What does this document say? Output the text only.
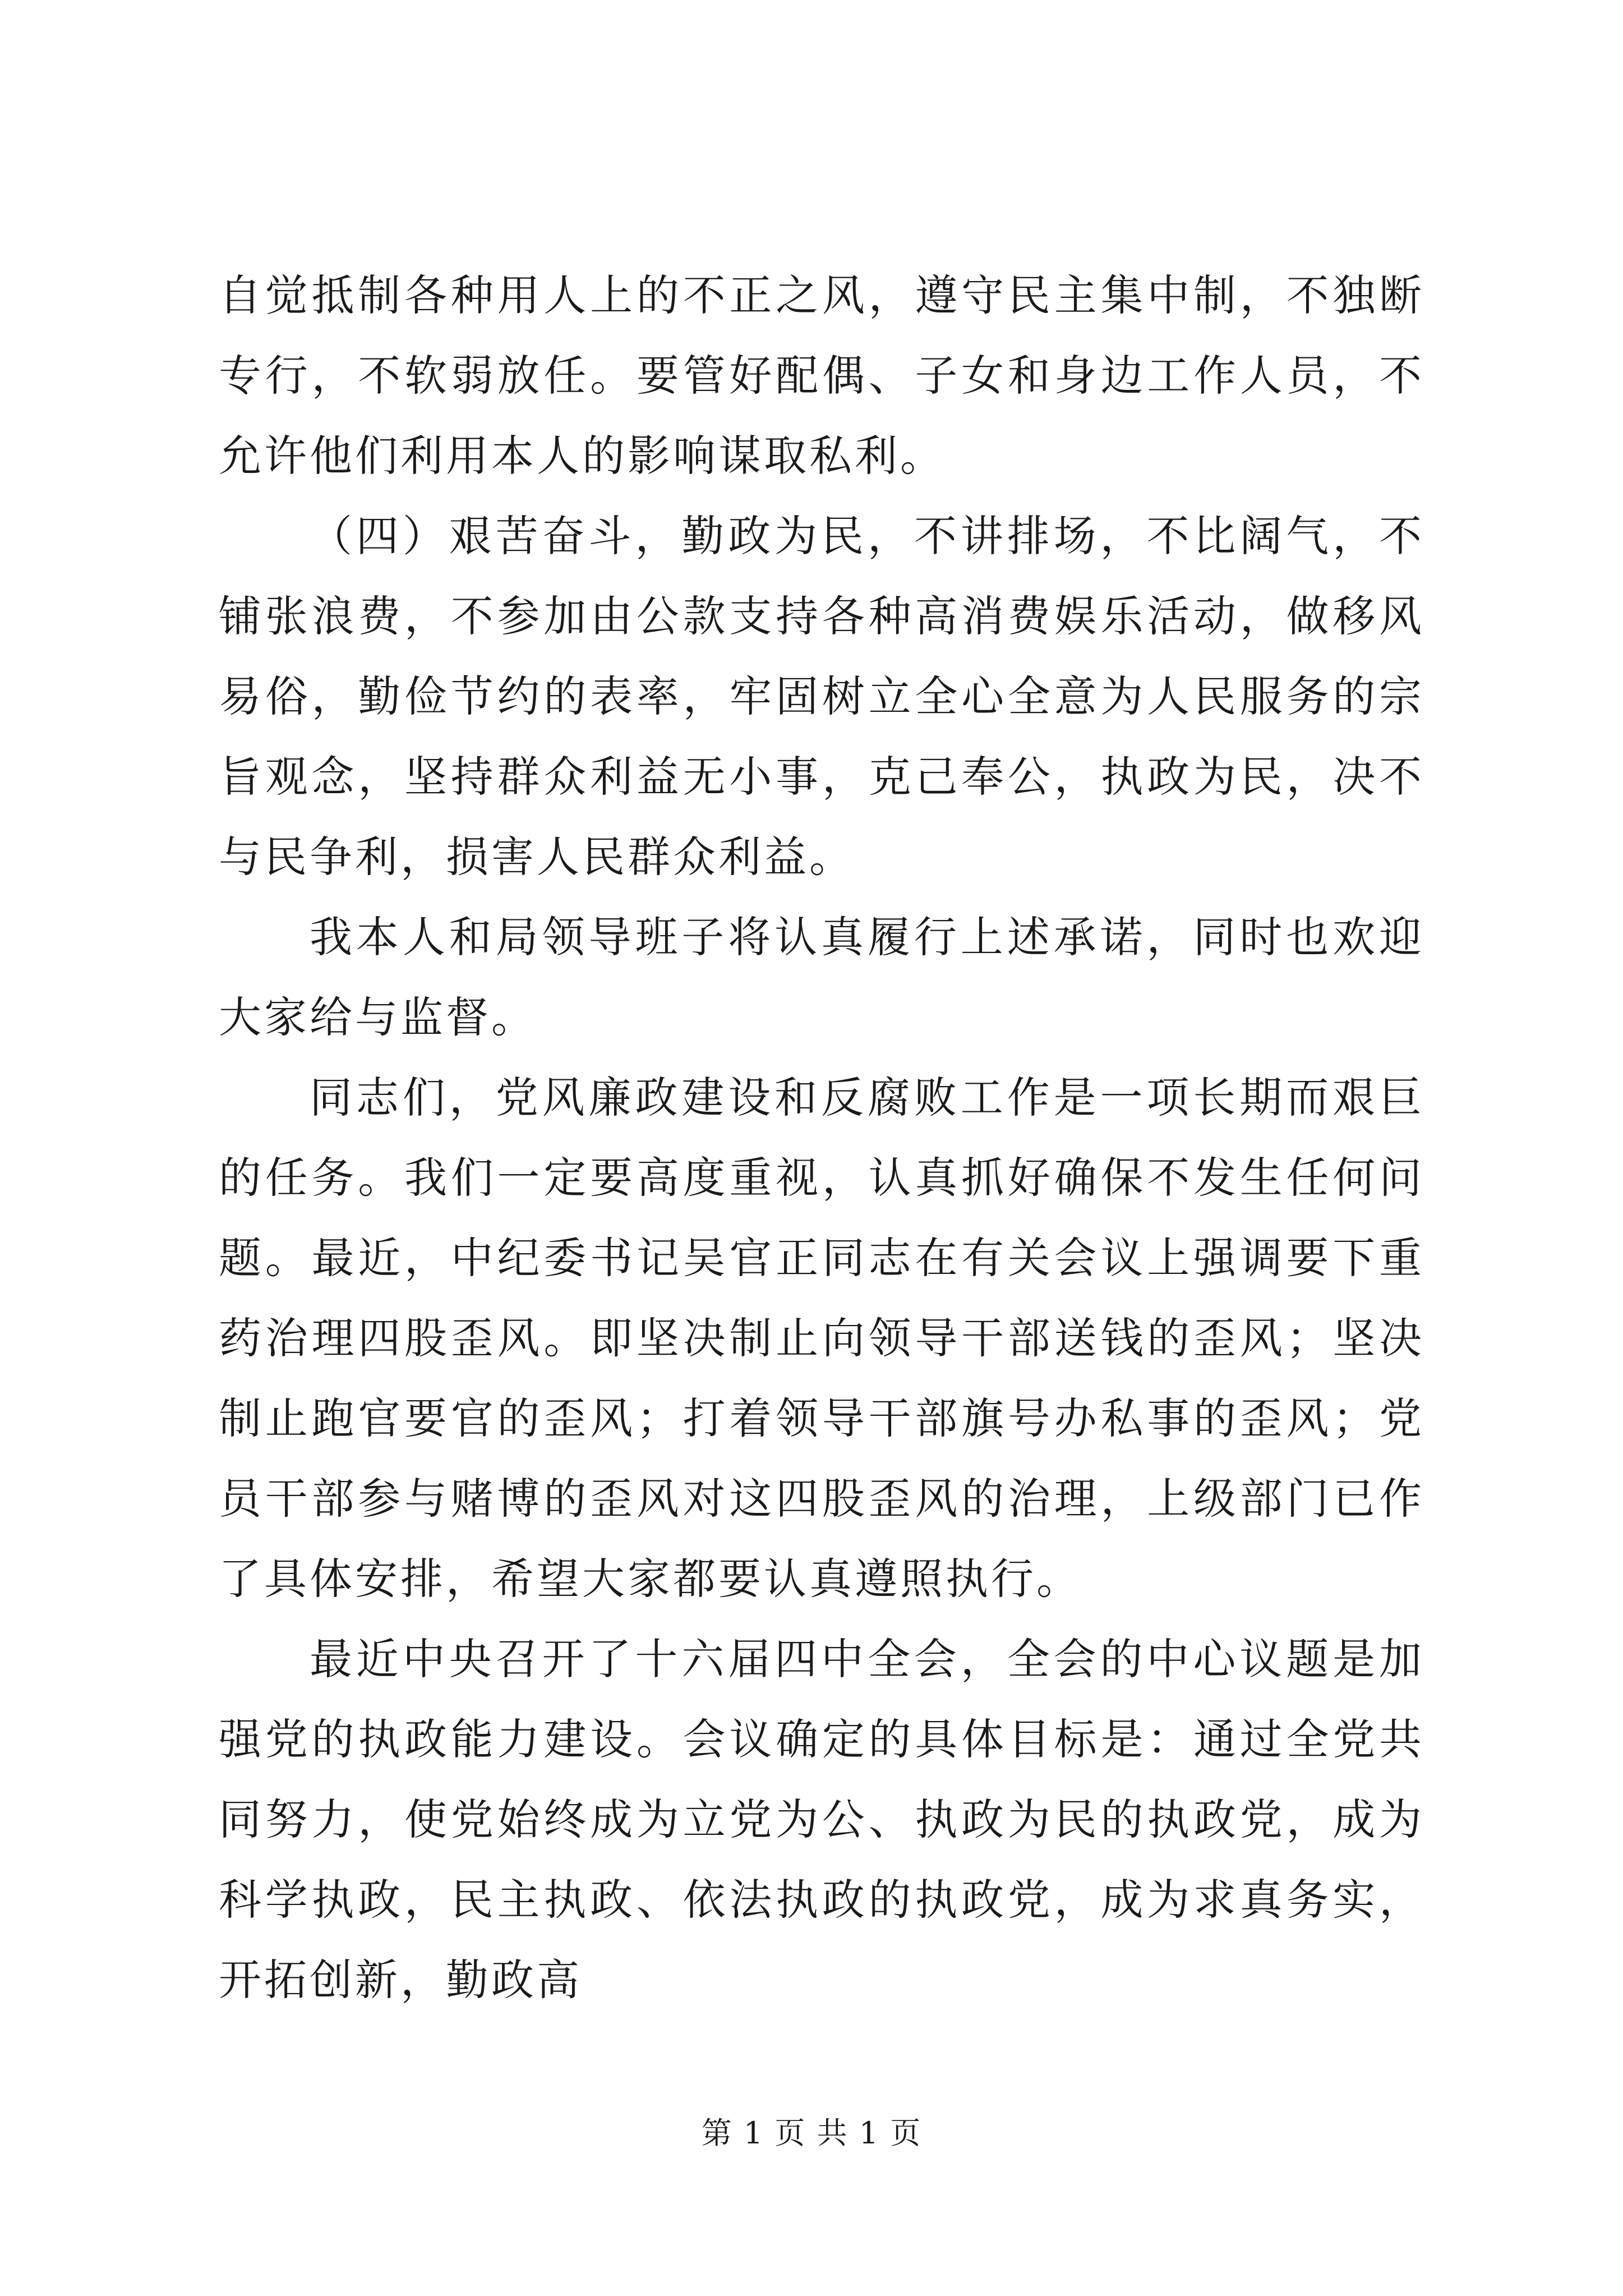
自觉抵制各种用人上的不正之风，遵守民主集中制，不独断专行，不软弱放任。要管好配偶、子女和身边工作人员，不允许他们利用本人的影响谋取私利。

（四）艰苦奋斗，勤政为民，不讲排场，不比阔气，不铺张浪费，不参加由公款支持各种高消费娱乐活动，做移风易俗，勤俭节约的表率，牢固树立全心全意为人民服务的宗旨观念，坚持群众利益无小事，克己奉公，执政为民，决不与民争利，损害人民群众利益。

我本人和局领导班子将认真履行上述承诺，同时也欢迎大家给与监督。

同志们，党风廉政建设和反腐败工作是一项长期而艰巨的任务。我们一定要高度重视，认真抓好确保不发生任何问题。最近，中纪委书记吴官正同志在有关会议上强调要下重药治理四股歪风。即坚决制止向领导干部送钱的歪风；坚决制止跑官要官的歪风；打着领导干部旗号办私事的歪风；党员干部参与赌博的歪风对这四股歪风的治理，上级部门已作了具体安排，希望大家都要认真遵照执行。

最近中央召开了十六届四中全会，全会的中心议题是加强党的执政能力建设。会议确定的具体目标是：通过全党共同努力，使党始终成为立党为公、执政为民的执政党，成为科学执政，民主执政、依法执政的执政党，成为求真务实，开拓创新，勤政高

第 1 页 共 1 页
